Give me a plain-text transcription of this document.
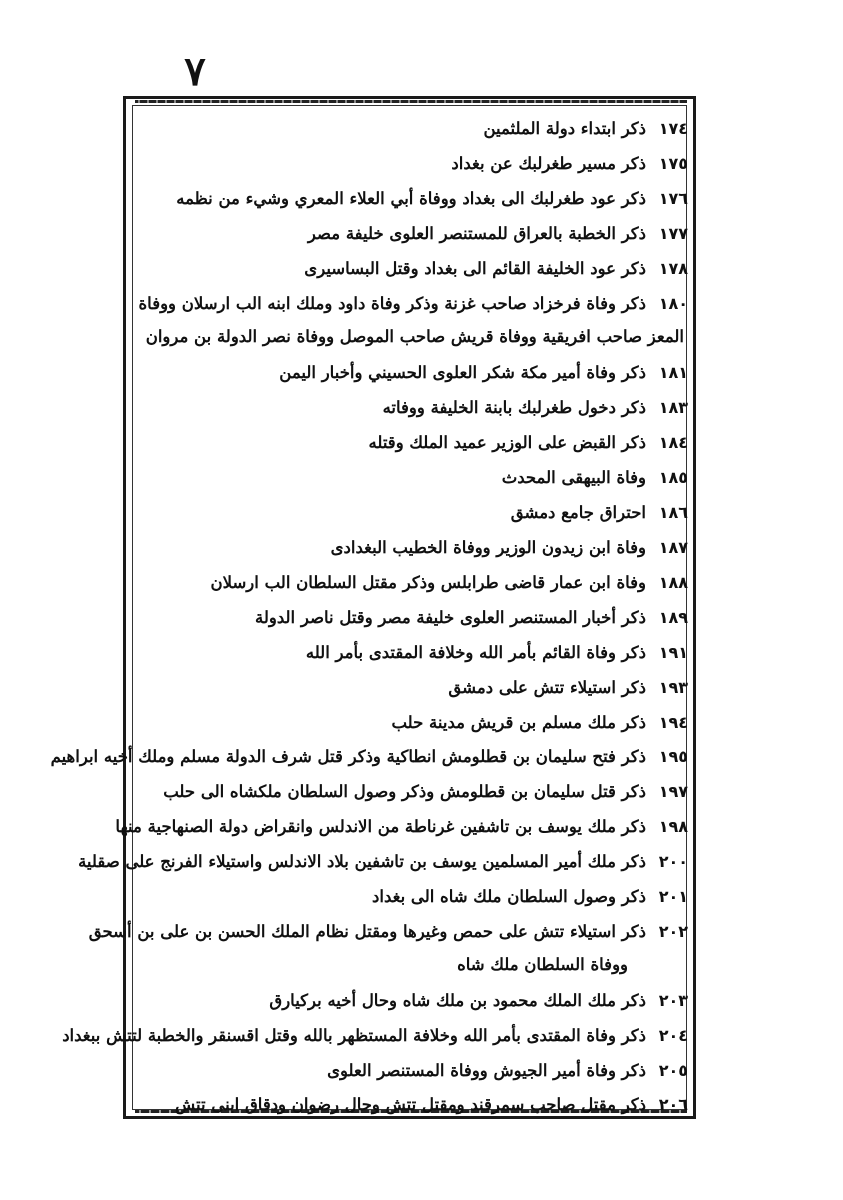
٧
١٧٤ذكر ابتداء دولة الملثمين
١٧٥ذكر مسير طغرلبك عن بغداد
١٧٦ذكر عود طغرلبك الى بغداد ووفاة أبي العلاء المعري وشيء من نظمه
١٧٧ذكر الخطبة بالعراق للمستنصر العلوى خليفة مصر
١٧٨ذكر عود الخليفة القائم الى بغداد وقتل البساسيرى
١٨٠ذكر وفاة فرخزاد صاحب غزنة وذكر وفاة داود وملك ابنه الب ارسلان ووفاة
المعز صاحب افريقية ووفاة قريش صاحب الموصل ووفاة نصر الدولة بن مروان
١٨١ذكر وفاة أمير مكة شكر العلوى الحسيني وأخبار اليمن
١٨٣ذكر دخول طغرلبك بابنة الخليفة ووفاته
١٨٤ذكر القبض على الوزير عميد الملك وقتله
١٨٥وفاة البيهقى المحدث
١٨٦احتراق جامع دمشق
١٨٧وفاة ابن زيدون الوزير ووفاة الخطيب البغدادى
١٨٨وفاة ابن عمار قاضى طرابلس وذكر مقتل السلطان الب ارسلان
١٨٩ذكر أخبار المستنصر العلوى خليفة مصر وقتل ناصر الدولة
١٩١ذكر وفاة القائم بأمر الله وخلافة المقتدى بأمر الله
١٩٣ذكر استيلاء تتش على دمشق
١٩٤ذكر ملك مسلم بن قريش مدينة حلب
١٩٥ذكر فتح سليمان بن قطلومش انطاكية وذكر قتل شرف الدولة مسلم وملك أخيه ابراهيم
١٩٧ذكر قتل سليمان بن قطلومش وذكر وصول السلطان ملكشاه الى حلب
١٩٨ذكر ملك يوسف بن تاشفين غرناطة من الاندلس وانقراض دولة الصنهاجية منها
٢٠٠ذكر ملك أمير المسلمين يوسف بن تاشفين بلاد الاندلس واستيلاء الفرنج على صقلية
٢٠١ذكر وصول السلطان ملك شاه الى بغداد
٢٠٢ذكر استيلاء تتش على حمص وغيرها ومقتل نظام الملك الحسن بن على بن أسحق
ووفاة السلطان ملك شاه
٢٠٣ذكر ملك الملك محمود بن ملك شاه وحال أخيه بركيارق
٢٠٤ذكر وفاة المقتدى بأمر الله وخلافة المستظهر بالله وقتل اقسنقر والخطبة لتتش ببغداد
٢٠٥ذكر وفاة أمير الجيوش ووفاة المستنصر العلوى
٢٠٦ذكر مقتل صاحب سمرقند ومقتل تتش وحال رضوان ودقاق ابنى تتش
